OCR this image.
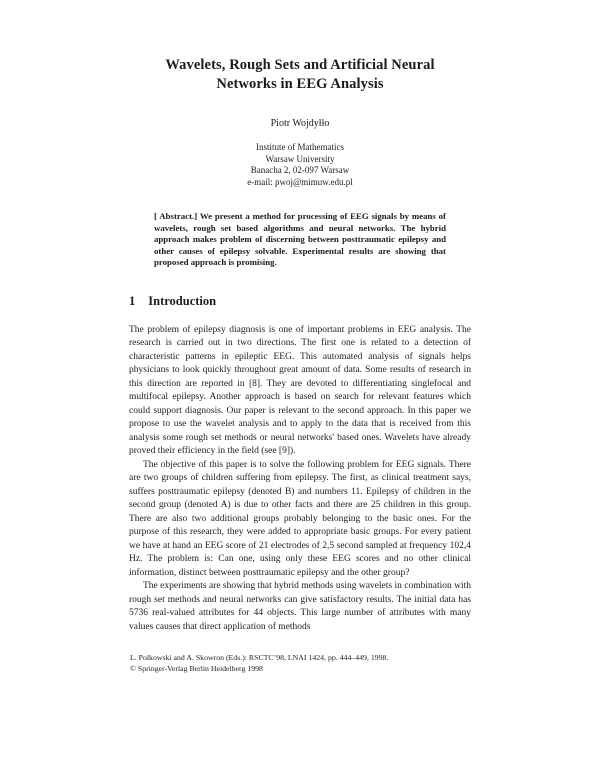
Wavelets, Rough Sets and Artificial Neural
Networks in EEG Analysis
Piotr Wojdyłło
Institute of Mathematics
Warsaw University
Banacha 2, 02-097 Warsaw
e-mail: pwoj@mimuw.edu.pl
[ Abstract.] We present a method for processing of EEG signals by means of wavelets, rough set based algorithms and neural networks. The hybrid approach makes problem of discerning between posttraumatic epilepsy and other causes of epilepsy solvable. Experimental results are showing that proposed approach is promising.
1 Introduction

The problem of epilepsy diagnosis is one of important problems in EEG analysis. The research is carried out in two directions. The first one is related to a detection of characteristic patterns in epileptic EEG. This automated analysis of signals helps physicians to look quickly throughout great amount of data. Some results of research in this direction are reported in [8]. They are devoted to differentiating singlefocal and multifocal epilepsy. Another approach is based on search for relevant features which could support diagnosis. Our paper is relevant to the second approach. In this paper we propose to use the wavelet analysis and to apply to the data that is received from this analysis some rough set methods or neural networks' based ones. Wavelets have already proved their efficiency in the field (see [9]).

The objective of this paper is to solve the following problem for EEG signals. There are two groups of children suffering from epilepsy. The first, as clinical treatment says, suffers posttraumatic epilepsy (denoted B) and numbers 11. Epilepsy of children in the second group (denoted A) is due to other facts and there are 25 children in this group. There are also two additional groups probably belonging to the basic ones. For the purpose of this research, they were added to appropriate basic groups. For every patient we have at hand an EEG score of 21 electrodes of 2,5 second sampled at frequency 102,4 Hz. The problem is: Can one, using only these EEG scores and no other clinical information, distinct between posttraumatic epilepsy and the other group?

The experiments are showing that hybrid methods using wavelets in combination with rough set methods and neural networks can give satisfactory results. The initial data has 5736 real-valued attributes for 44 objects. This large number of attributes with many values causes that direct application of methods

L. Polkowski and A. Skowron (Eds.): RSCTC’98, LNAI 1424, pp. 444–449, 1998.
© Springer-Verlag Berlin Heidelberg 1998
